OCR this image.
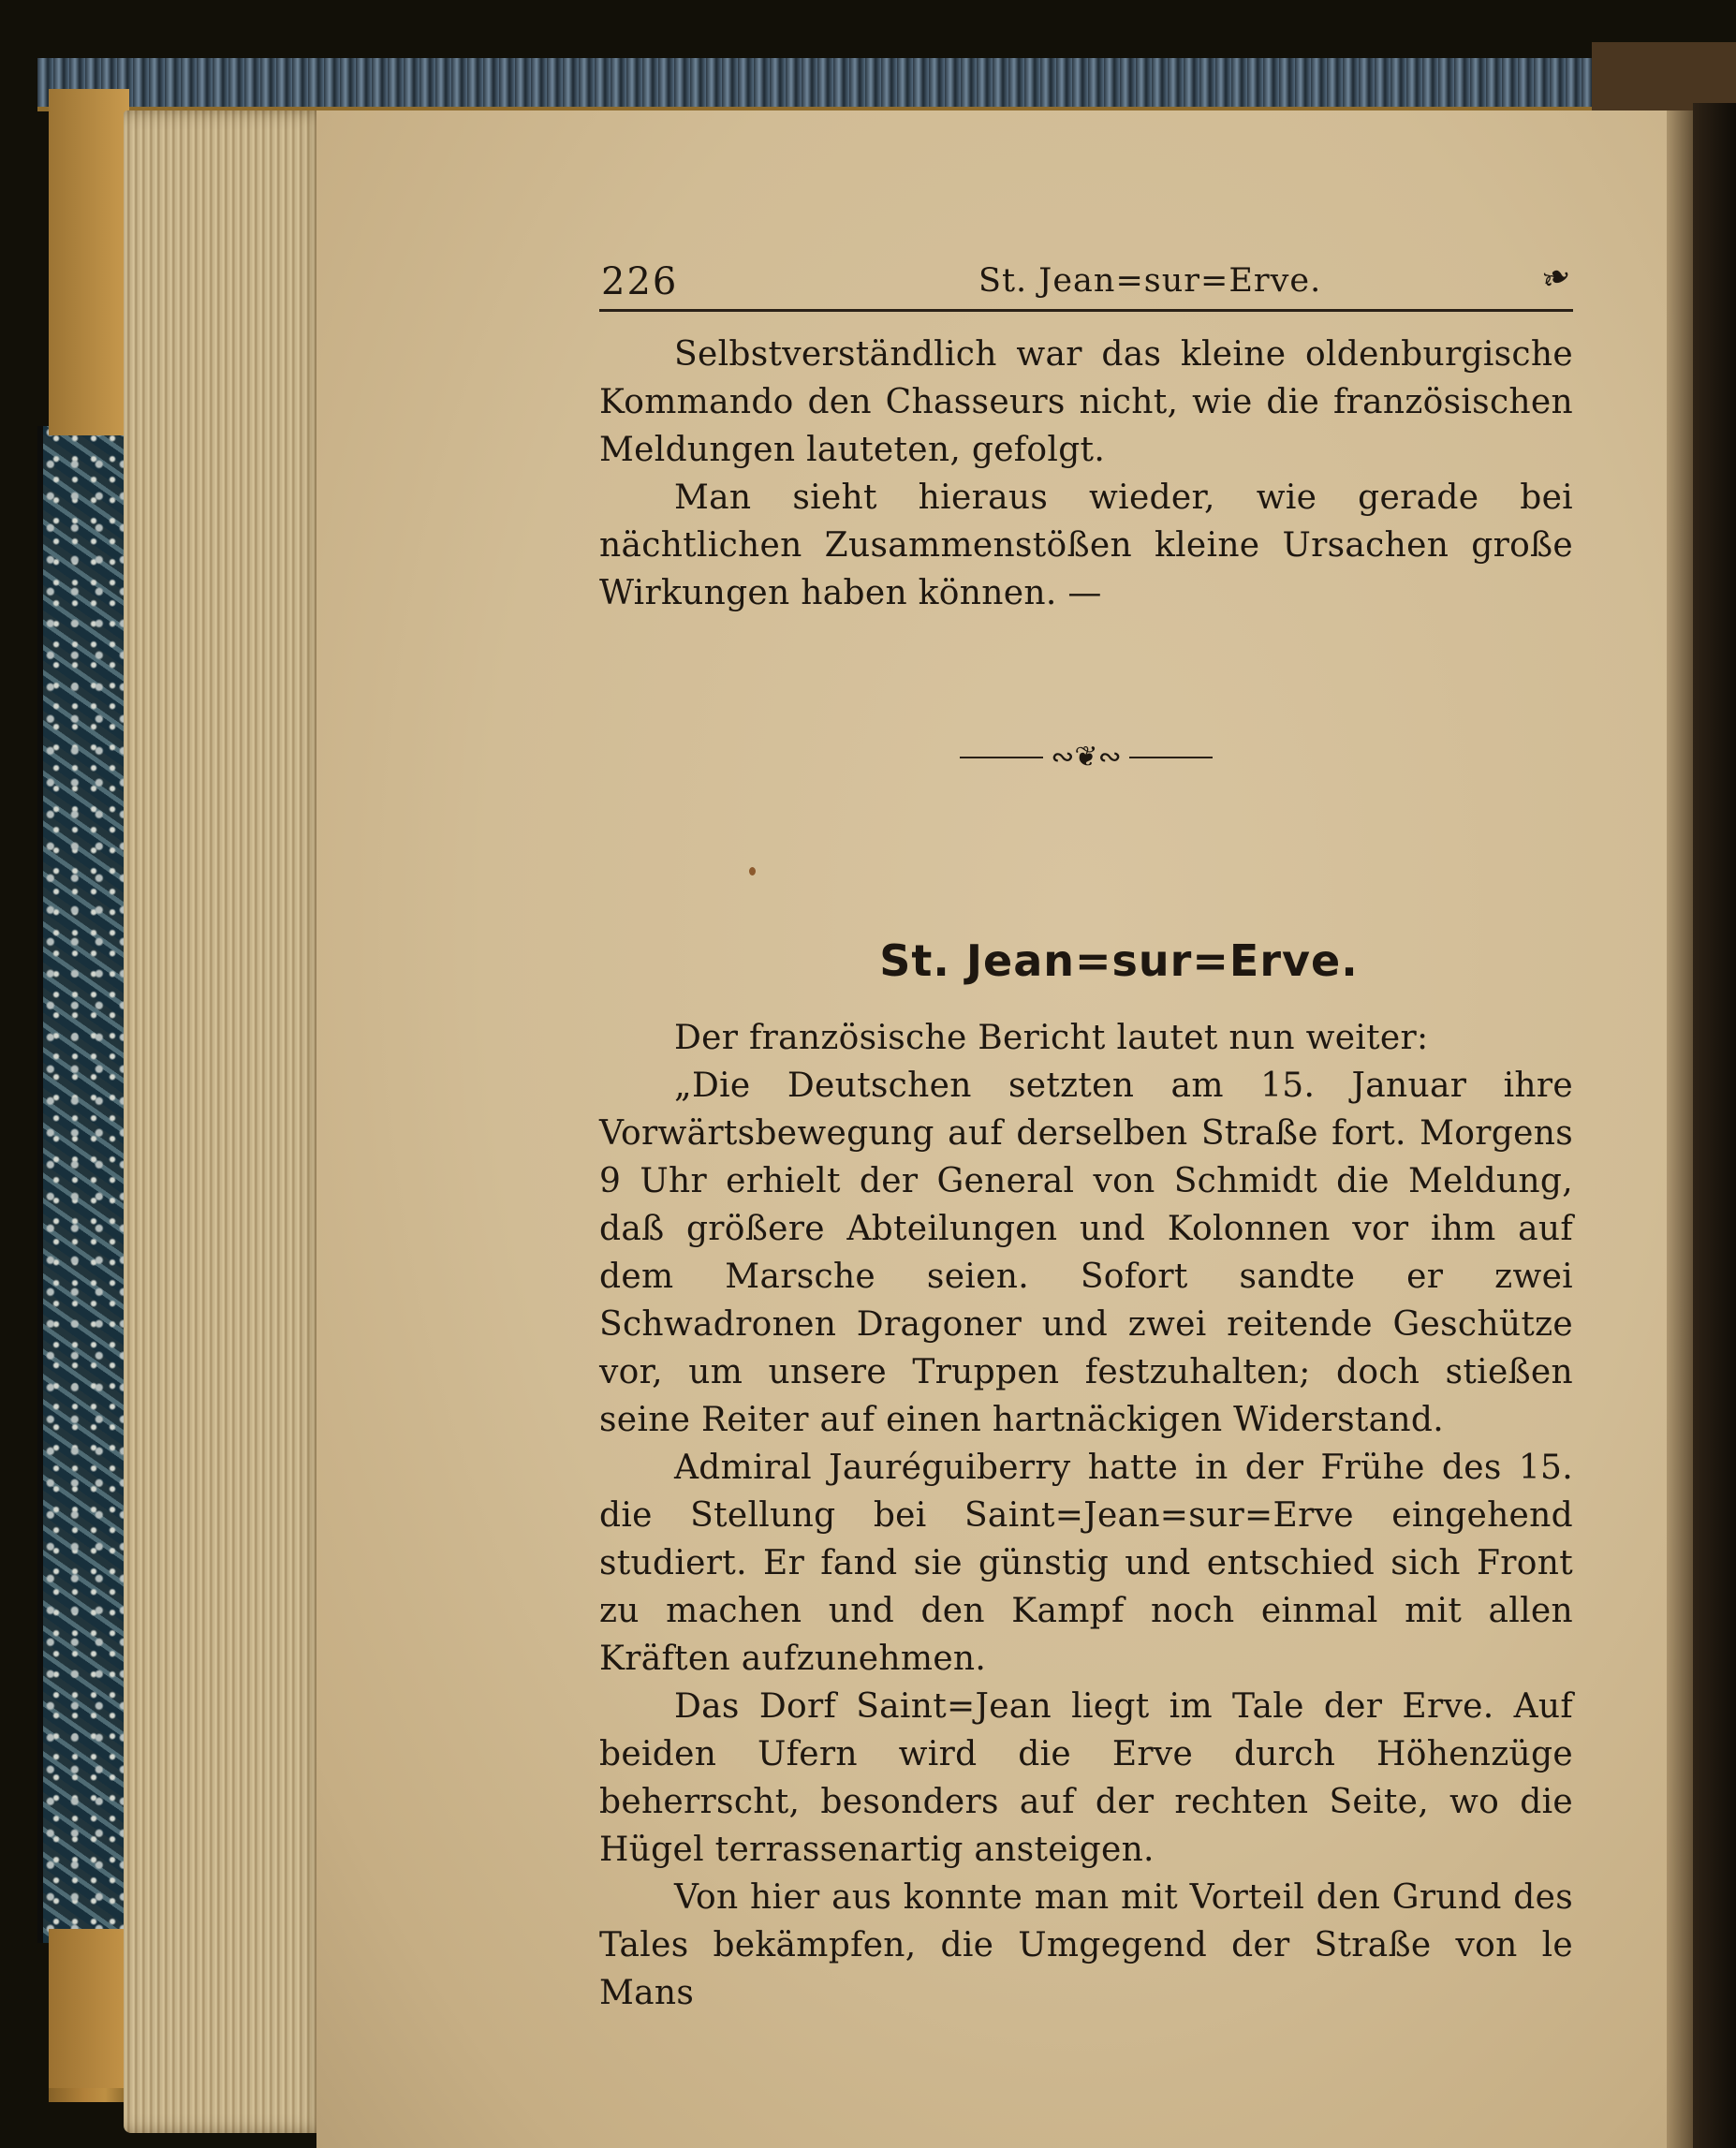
226	St. Jean=sur=Erve.	❧

Selbstverständlich war das kleine oldenburgische Kommando den Chasseurs nicht, wie die französischen Meldungen lauteten, gefolgt.

Man sieht hieraus wieder, wie gerade bei nächtlichen Zusammenstößen kleine Ursachen große Wirkungen haben können. —

∾❦∾
St. Jean=sur=Erve.

Der französische Bericht lautet nun weiter:

„Die Deutschen setzten am 15. Januar ihre Vorwärtsbewegung auf derselben Straße fort. Morgens 9 Uhr erhielt der General von Schmidt die Meldung, daß größere Abteilungen und Kolonnen vor ihm auf dem Marsche seien. Sofort sandte er zwei Schwadronen Dragoner und zwei reitende Geschütze vor, um unsere Truppen festzuhalten; doch stießen seine Reiter auf einen hartnäckigen Widerstand.

Admiral Jauréguiberry hatte in der Frühe des 15. die Stellung bei Saint=Jean=sur=Erve eingehend studiert. Er fand sie günstig und entschied sich Front zu machen und den Kampf noch einmal mit allen Kräften aufzunehmen.

Das Dorf Saint=Jean liegt im Tale der Erve. Auf beiden Ufern wird die Erve durch Höhenzüge beherrscht, besonders auf der rechten Seite, wo die Hügel terrassenartig ansteigen.

Von hier aus konnte man mit Vorteil den Grund des Tales bekämpfen, die Umgegend der Straße von le Mans
